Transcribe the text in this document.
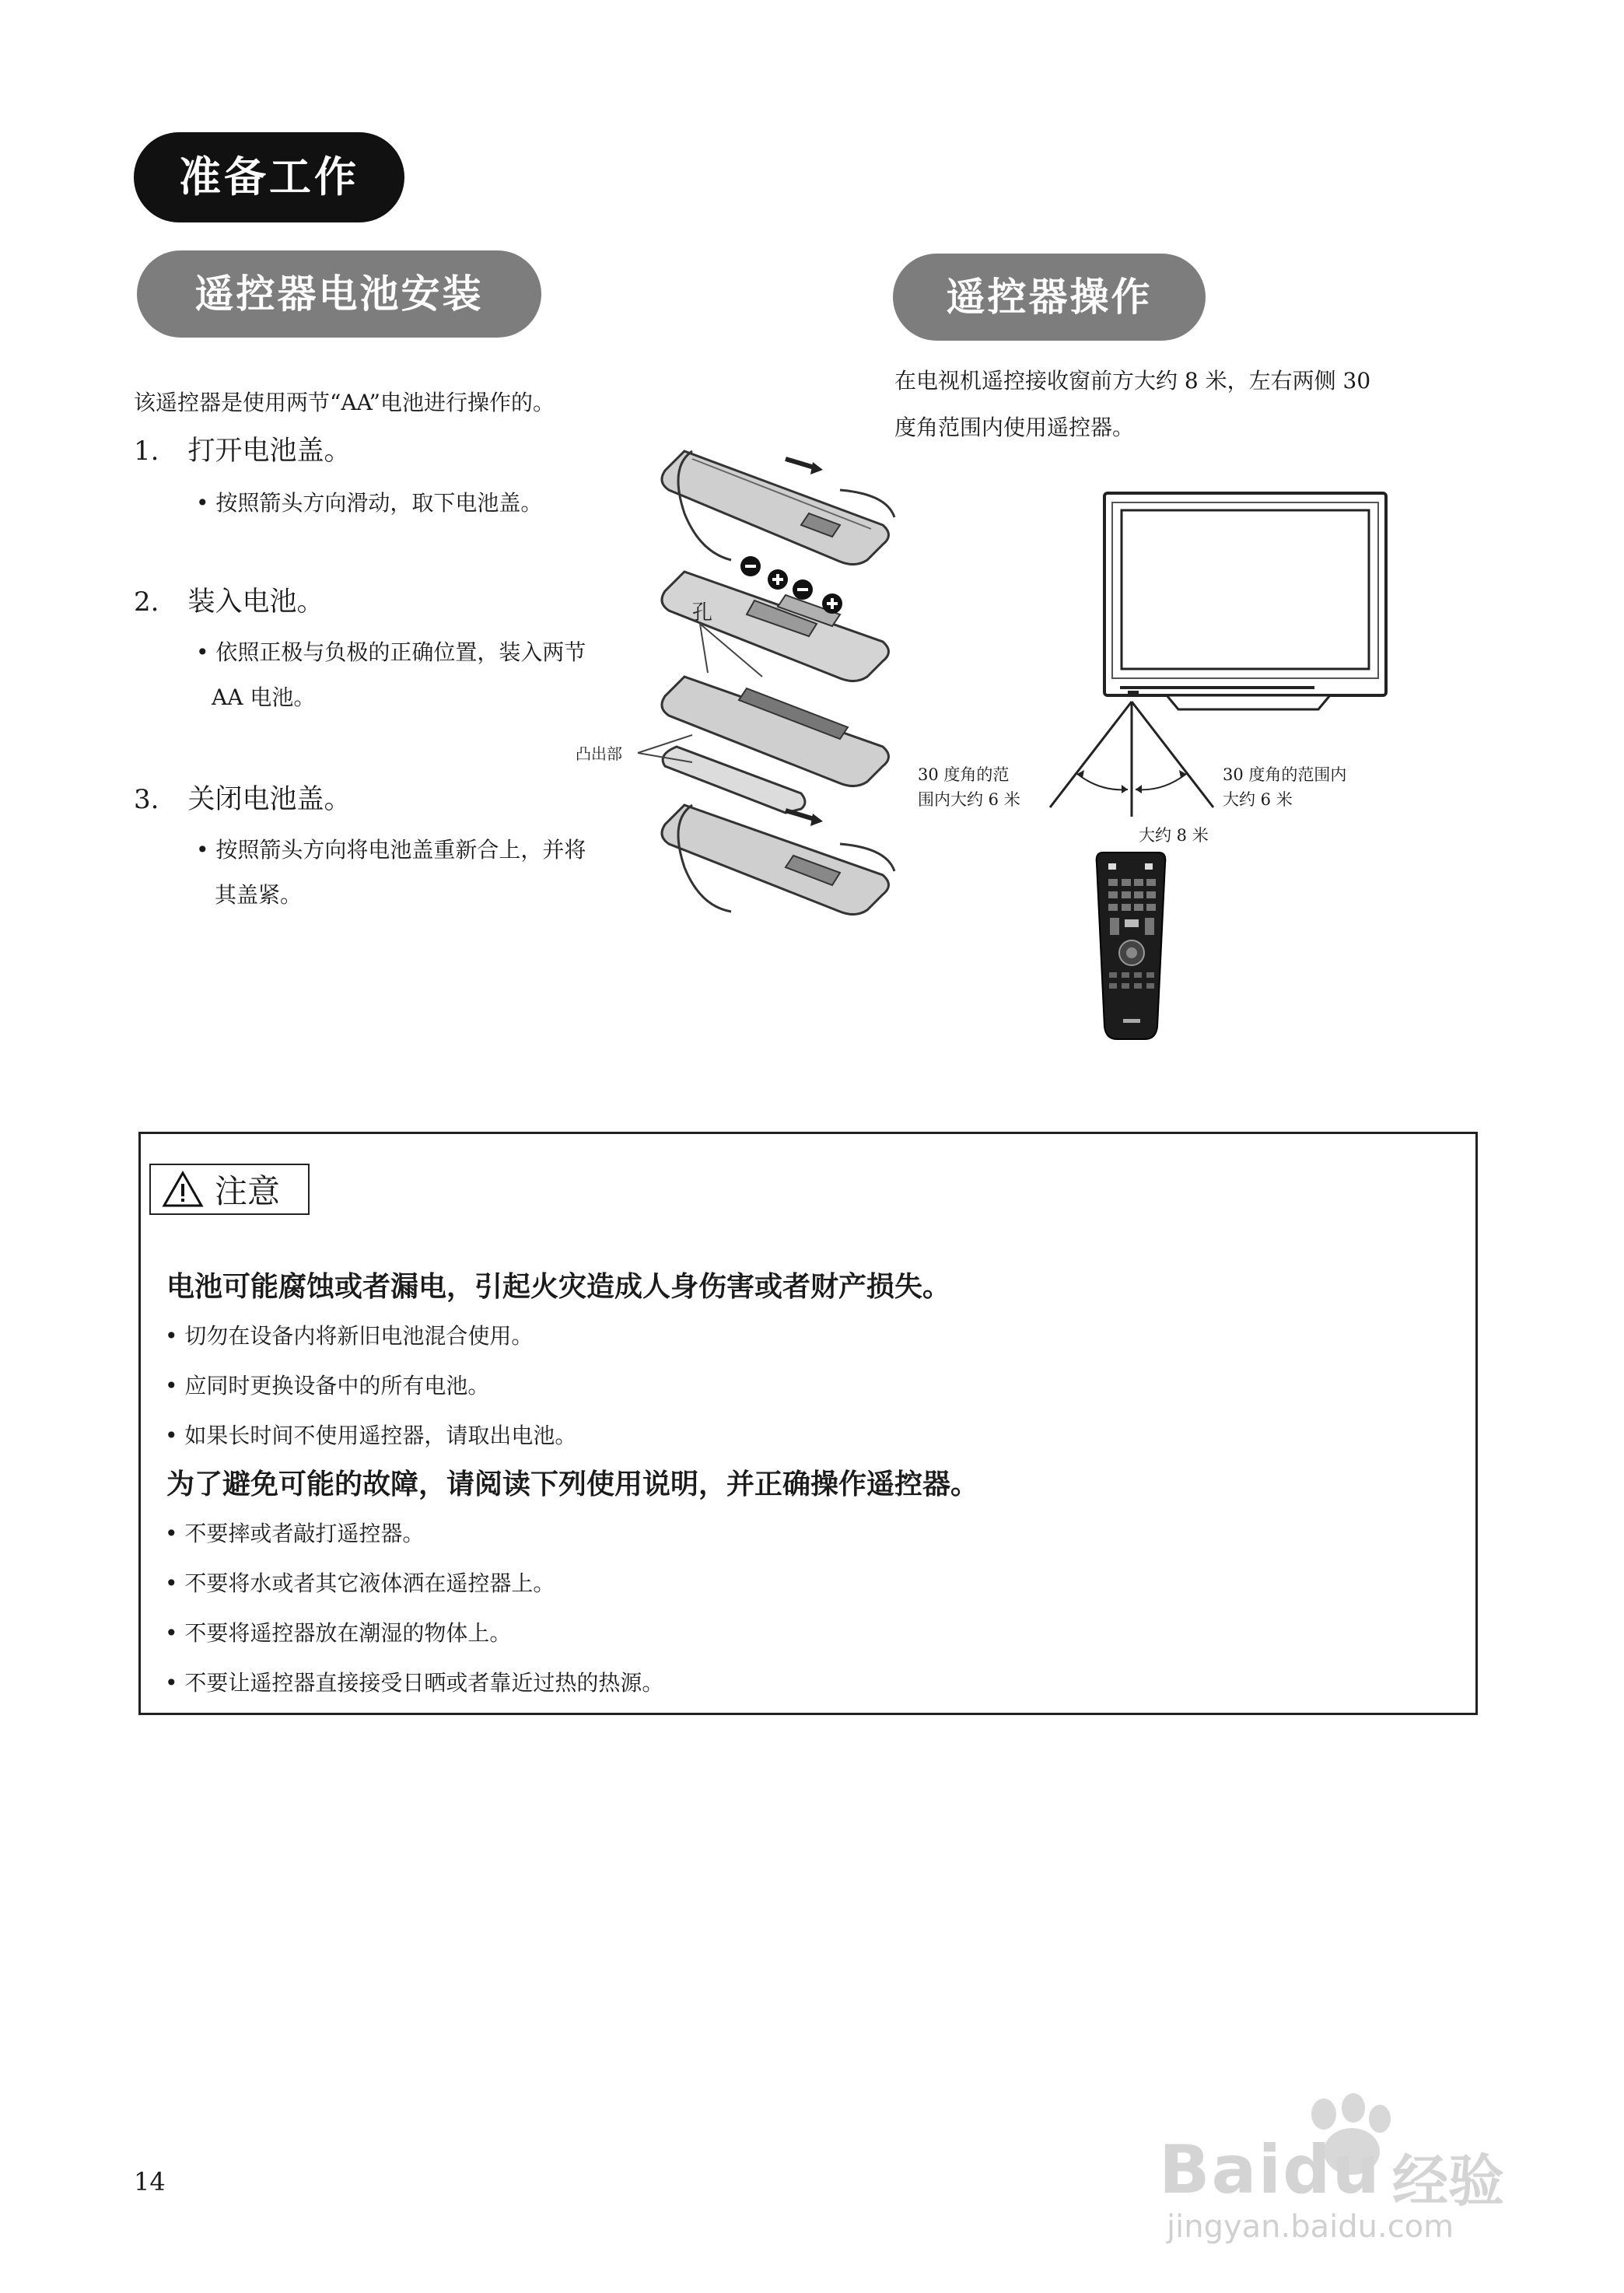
准备工作
遥控器电池安装
该遥控器是使用两节“AA”电池进行操作的。
1. 打开电池盖。
• 按照箭头方向滑动，取下电池盖。
2. 装入电池。
• 依照正极与负极的正确位置，装入两节
AA 电池。
3. 关闭电池盖。
• 按照箭头方向将电池盖重新合上，并将
其盖紧。
孔
凸出部
遥控器操作
在电视机遥控接收窗前方大约 8 米，左右两侧 30
度角范围内使用遥控器。
30 度角的范
围内大约 6 米
30 度角的范围内
大约 6 米
大约 8 米
注意
电池可能腐蚀或者漏电，引起火灾造成人身伤害或者财产损失。
• 切勿在设备内将新旧电池混合使用。
• 应同时更换设备中的所有电池。
• 如果长时间不使用遥控器，请取出电池。
为了避免可能的故障，请阅读下列使用说明，并正确操作遥控器。
• 不要摔或者敲打遥控器。
• 不要将水或者其它液体洒在遥控器上。
• 不要将遥控器放在潮湿的物体上。
• 不要让遥控器直接接受日晒或者靠近过热的热源。
14	Baidu 经验
jingyan.baidu.com
